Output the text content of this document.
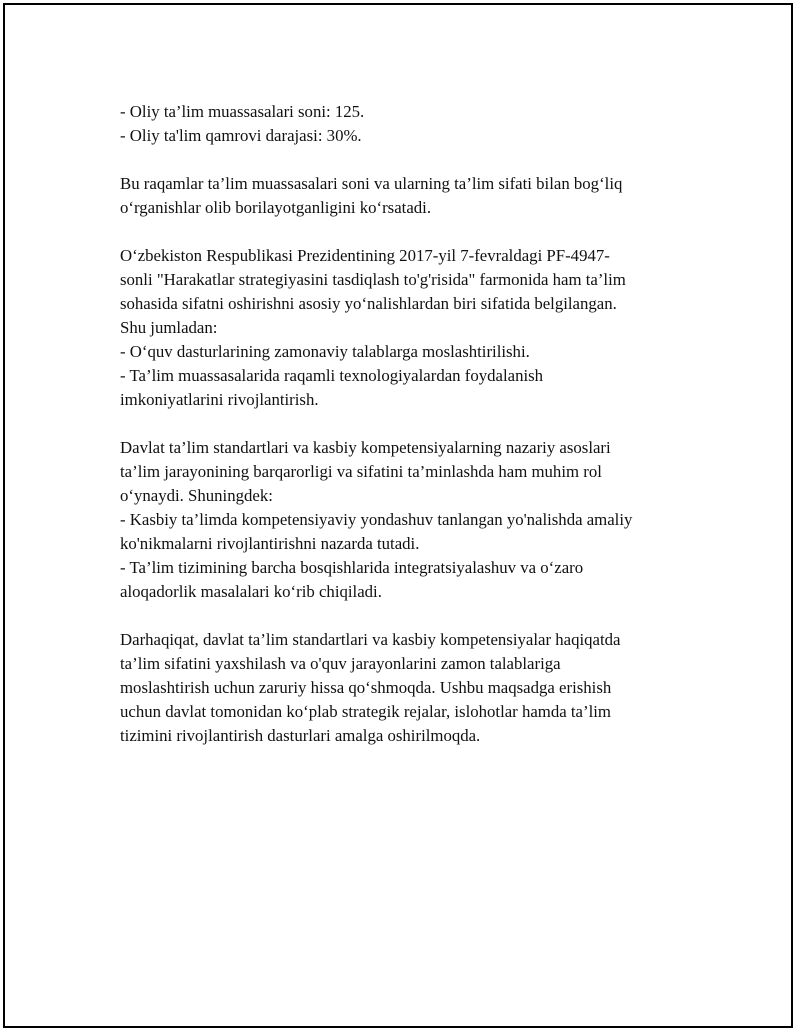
- Oliy ta’lim muassasalari soni: 125.
- Oliy ta'lim qamrovi darajasi: 30%.
Bu raqamlar ta’lim muassasalari soni va ularning ta’lim sifati bilan bog‘liq
o‘rganishlar olib borilayotganligini ko‘rsatadi.
O‘zbekiston Respublikasi Prezidentining 2017-yil 7-fevraldagi PF-4947-
sonli "Harakatlar strategiyasini tasdiqlash to'g'risida" farmonida ham ta’lim
sohasida sifatni oshirishni asosiy yo‘nalishlardan biri sifatida belgilangan.
Shu jumladan:
- O‘quv dasturlarining zamonaviy talablarga moslashtirilishi.
- Ta’lim muassasalarida raqamli texnologiyalardan foydalanish
imkoniyatlarini rivojlantirish.
Davlat ta’lim standartlari va kasbiy kompetensiyalarning nazariy asoslari
ta’lim jarayonining barqarorligi va sifatini ta’minlashda ham muhim rol
o‘ynaydi. Shuningdek:
- Kasbiy ta’limda kompetensiyaviy yondashuv tanlangan yo'nalishda amaliy
ko'nikmalarni rivojlantirishni nazarda tutadi.
- Ta’lim tizimining barcha bosqishlarida integratsiyalashuv va o‘zaro
aloqadorlik masalalari ko‘rib chiqiladi.
Darhaqiqat, davlat ta’lim standartlari va kasbiy kompetensiyalar haqiqatda
ta’lim sifatini yaxshilash va o'quv jarayonlarini zamon talablariga
moslashtirish uchun zaruriy hissa qo‘shmoqda. Ushbu maqsadga erishish
uchun davlat tomonidan ko‘plab strategik rejalar, islohotlar hamda ta’lim
tizimini rivojlantirish dasturlari amalga oshirilmoqda.
